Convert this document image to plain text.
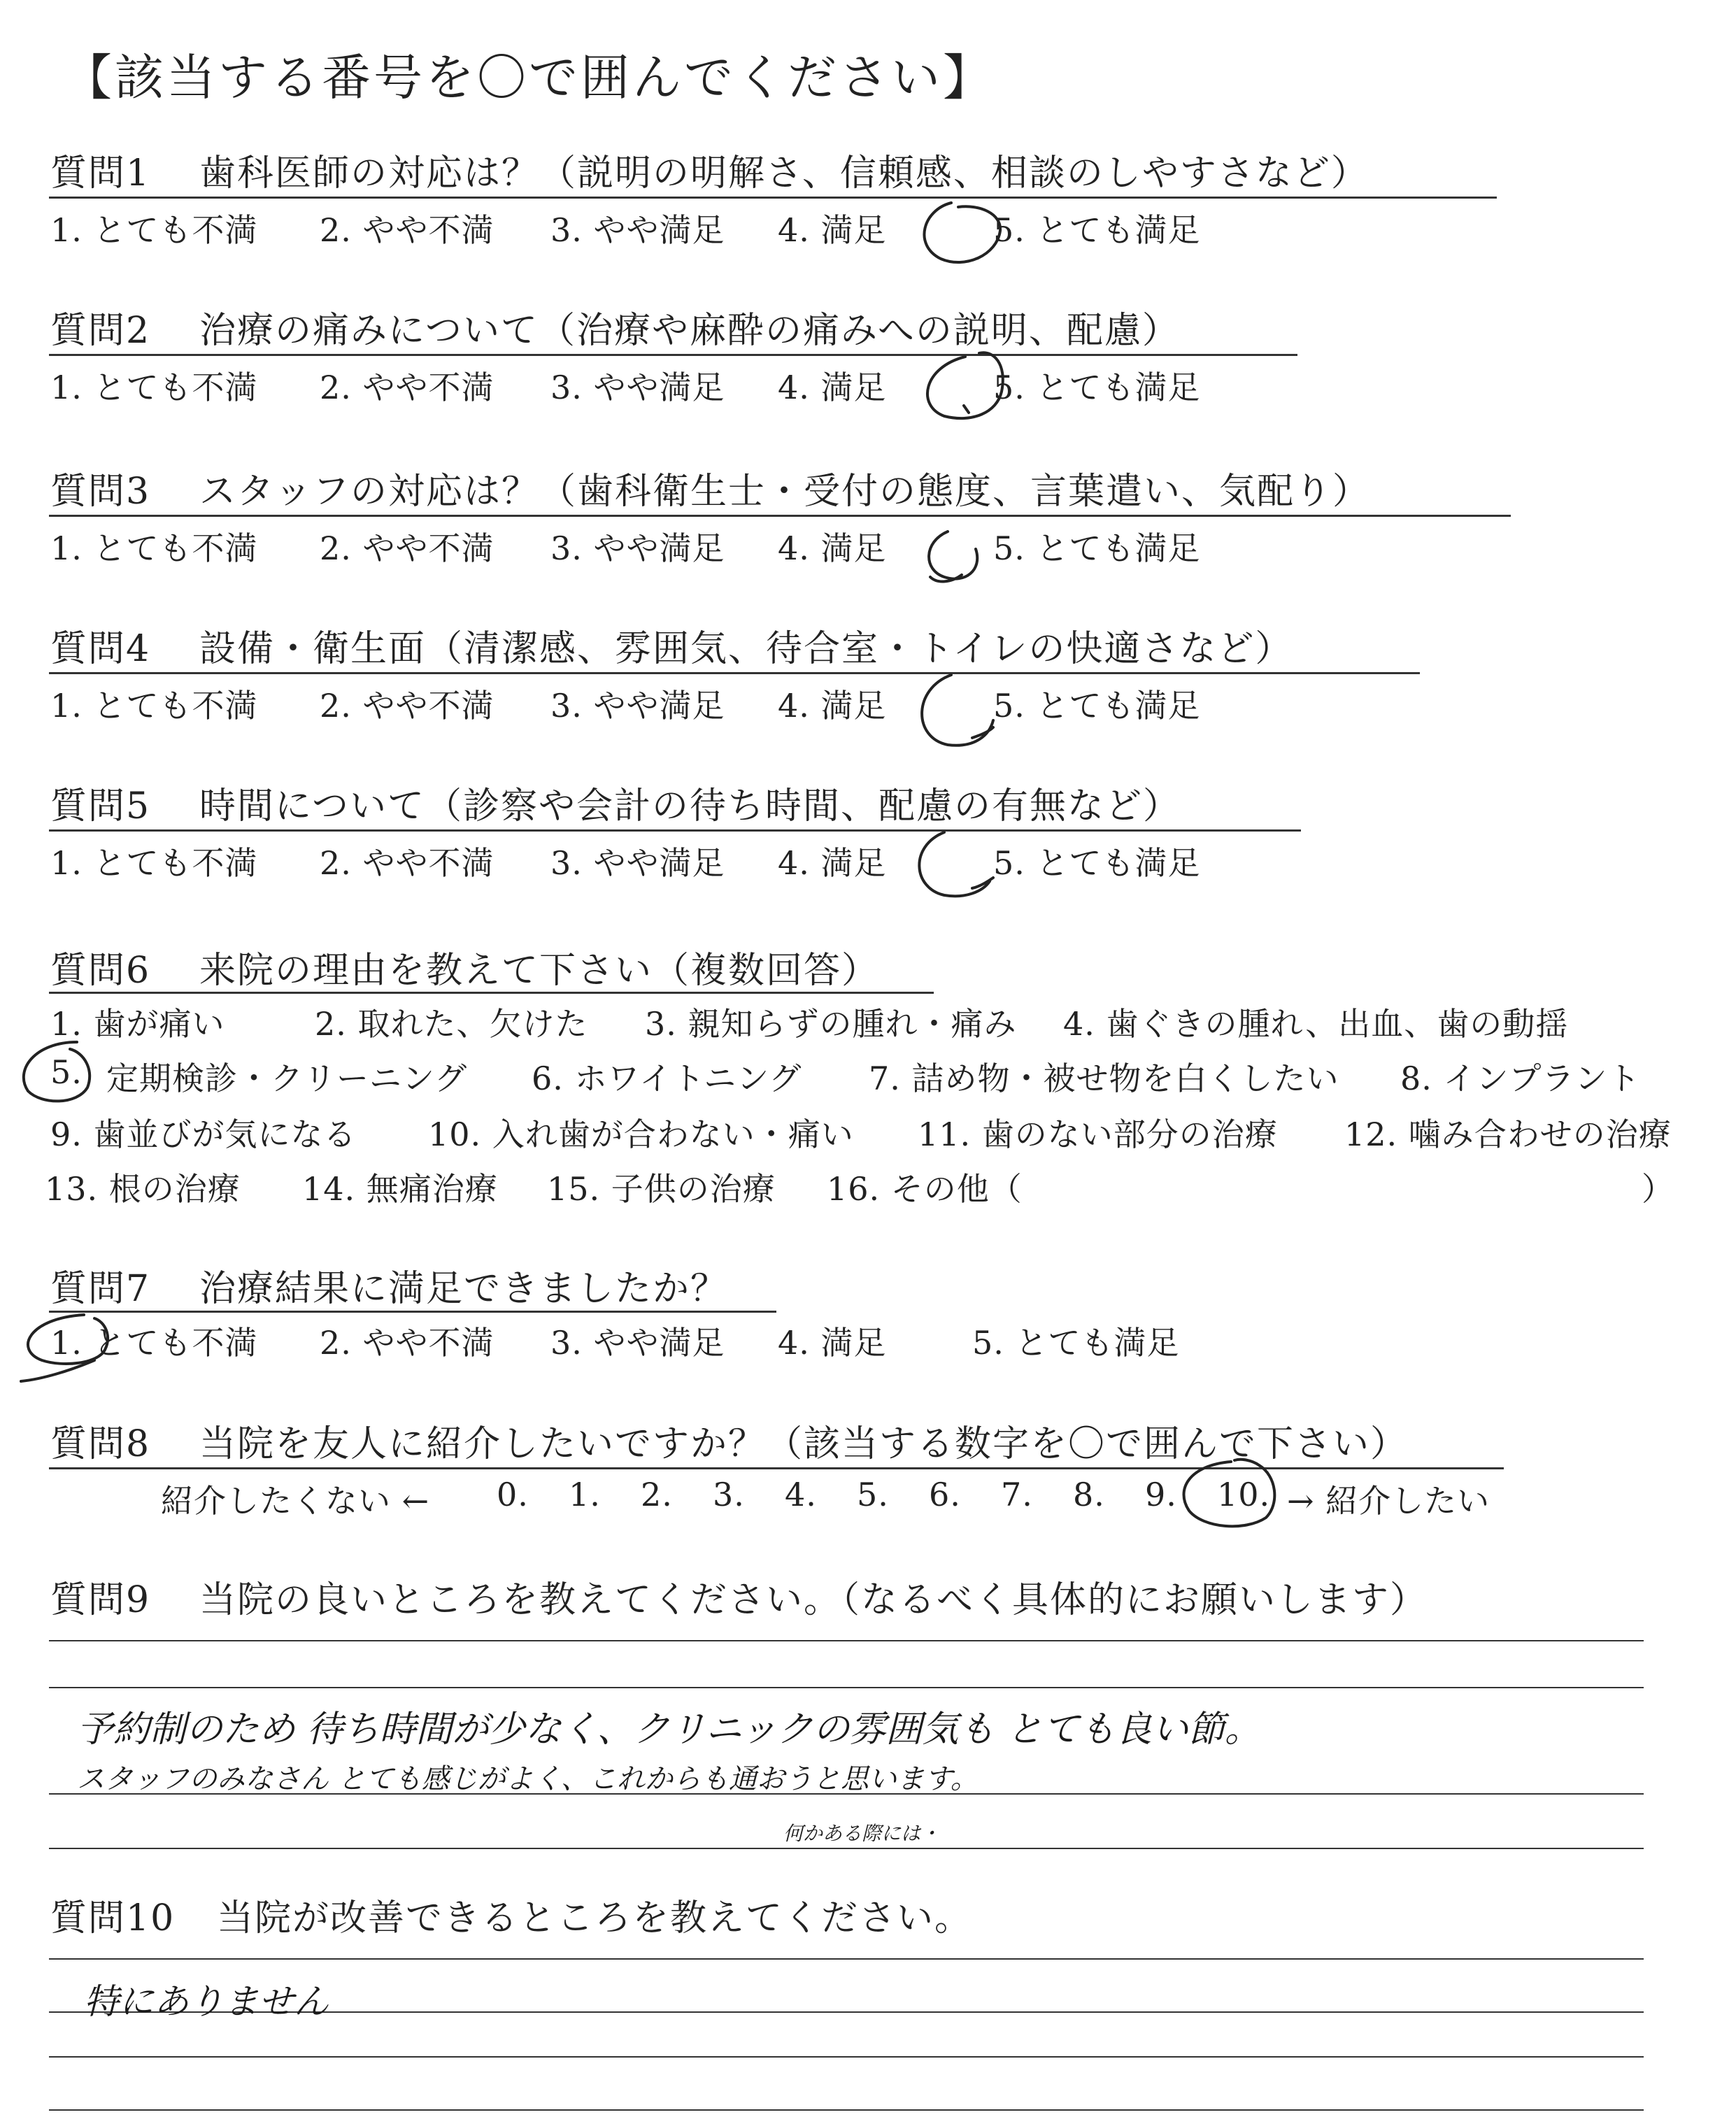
【該当する番号を〇で囲んでください】
質問1 歯科医師の対応は？（説明の明解さ、信頼感、相談のしやすさなど）
1. とても不満 2. やや不満 3. やや満足 4. 満足	5. とても満足
質問2 治療の痛みについて（治療や麻酔の痛みへの説明、配慮）
1. とても不満 2. やや不満 3. やや満足 4. 満足	5. とても満足
質問3 スタッフの対応は？（歯科衛生士・受付の態度、言葉遣い、気配り）
1. とても不満 2. やや不満 3. やや満足 4. 満足	5. とても満足
質問4 設備・衛生面（清潔感、雰囲気、待合室・トイレの快適さなど）
1. とても不満 2. やや不満 3. やや満足 4. 満足	5. とても満足
質問5 時間について（診察や会計の待ち時間、配慮の有無など）
1. とても不満 2. やや不満 3. やや満足 4. 満足	5. とても満足
質問6 来院の理由を教えて下さい（複数回答）
1. 歯が痛い	2. 取れた、欠けた 3. 親知らずの腫れ・痛み 4. 歯ぐきの腫れ、出血、歯の動揺
5. 定期検診・クリーニング 6. ホワイトニング 7. 詰め物・被せ物を白くしたい 8. インプラント
9. 歯並びが気になる 10. 入れ歯が合わない・痛い 11. 歯のない部分の治療 12. 噛み合わせの治療
13. 根の治療 14. 無痛治療 15. 子供の治療 16. その他（	）
質問7 治療結果に満足できましたか？
1. とても不満 2. やや不満 3. やや満足 4. 満足	5. とても満足
質問8 当院を友人に紹介したいですか？（該当する数字を〇で囲んで下さい）
紹介したくない ← 0. 1. 2. 3. 4. 5. 6. 7. 8. 9. 10. → 紹介したい
質問9 当院の良いところを教えてください。（なるべく具体的にお願いします）
予約制のため 待ち時間が少なく、クリニックの雰囲気も とても良い節。
スタッフのみなさん とても感じがよく、これからも通おうと思います。
何かある際には・
質問10 当院が改善できるところを教えてください。
特にありません
